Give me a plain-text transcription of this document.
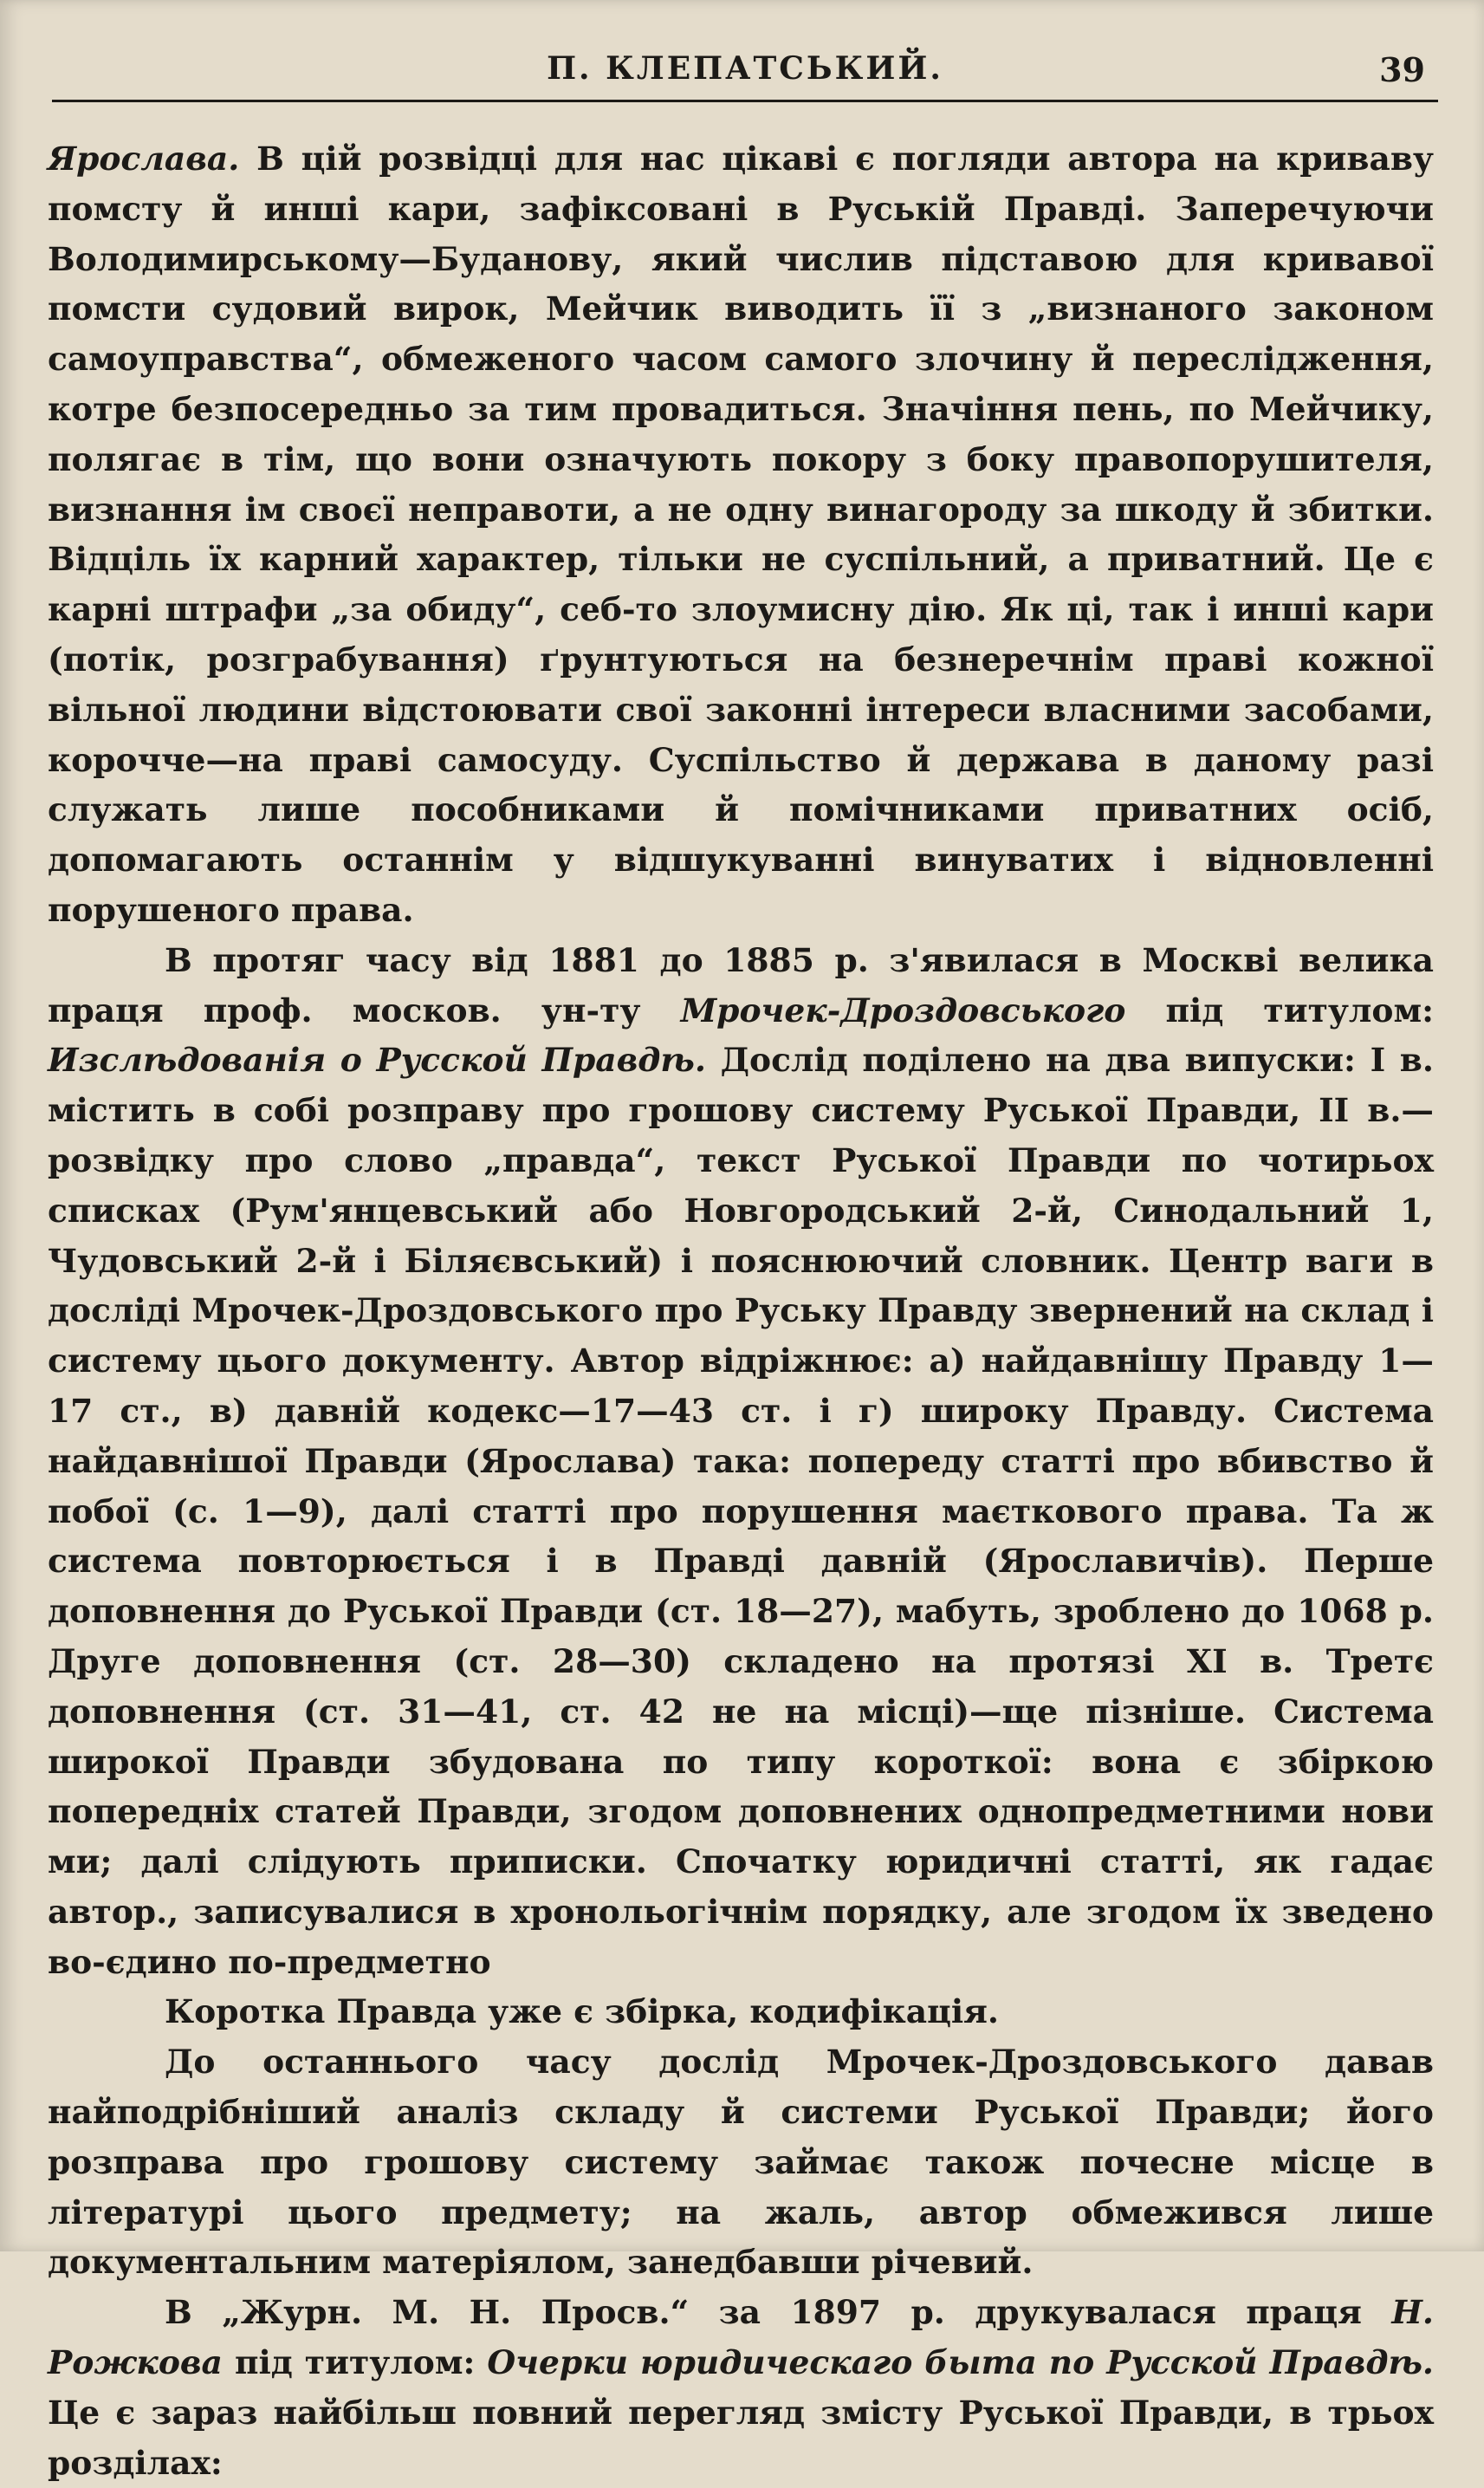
П. КЛЕПАТСЬКИЙ.	39

Ярослава. В цій розвідці для нас цікаві є погляди автора на криваву помсту й инші кари, зафіксовані в Руській Правді. Заперечуючи Володимирському—Буданову, який числив підставою для кривавої помсти судовий вирок, Мейчик виводить її з „визнаного законом самоуправства“, обмеженого часом самого злочину й переслідження, котре безпосередньо за тим провадиться. Значіння пень, по Мейчику, полягає в тім, що вони означують покору з боку правопорушителя, визнання ім своєї неправоти, а не одну винагороду за шкоду й збитки. Відціль їх карний характер, тільки не суспільний, а приватний. Це є карні штрафи „за обиду“, себ-то злоумисну дію. Як ці, так і инші кари (потік, розграбування) ґрунтуються на безнеречнім праві кожної вільної людини відстоювати свої законні інтереси власними засобами, корочче—на праві самосуду. Суспільство й держава в даному разі служать лише пособниками й помічниками приватних осіб, допомагають останнім у відшукуванні винуватих і відновленні порушеного права.

В протяг часу від 1881 до 1885 р. з'явилася в Москві велика праця проф. москов. ун-ту Мрочек-Дроздовського під титулом: Изслѣдованія о Русской Правдѣ. Дослід поділено на два випуски: І в. містить в собі розправу про грошову систему Руської Правди, II в.—розвідку про слово „правда“, текст Руської Правди по чотирьох списках (Рум'янцевський або Новгородський 2-й, Синодальний 1, Чудовський 2-й і Біляєвський) і пояснюючий словник. Центр ваги в досліді Мрочек-Дроздовського про Руську Правду звернений на склад і систему цього документу. Автор відріжнює: а) найдавнішу Правду 1—17 ст., в) давній кодекс—17—43 ст. і г) широку Правду. Система найдавнішої Правди (Ярослава) така: попереду статті про вбивство й побої (с. 1—9), далі статті про порушення маєткового права. Та ж система повторюється і в Правді давній (Ярославичів). Перше доповнення до Руської Правди (ст. 18—27), мабуть, зроблено до 1068 р. Друге доповнення (ст. 28—30) складено на протязі XI в. Третє доповнення (ст. 31—41, ст. 42 не на місці)—ще пізніше. Система широкої Правди збудована по типу короткої: вона є збіркою попередніх статей Правди, згодом доповнених однопредметними нови ми; далі слідують приписки. Спочатку юридичні статті, як гадає автор., записувалися в хронольогічнім порядку, але згодом їх зведено во-єдино по-предметно

Коротка Правда уже є збірка, кодифікація.

До останнього часу дослід Мрочек-Дроздовського давав найподрібніший аналіз складу й системи Руської Правди; його розправа про грошову систему займає також почесне місце в літературі цього предмету; на жаль, автор обмежився лише документальним матеріялом, занедбавши річевий.

В „Журн. М. Н. Просв.“ за 1897 р. друкувалася праця Н. Рожкова під титулом: Очерки юридическаго быта по Русской Правдѣ. Це є зараз найбільш повний перегляд змісту Руської Правди, в трьох розділах:
